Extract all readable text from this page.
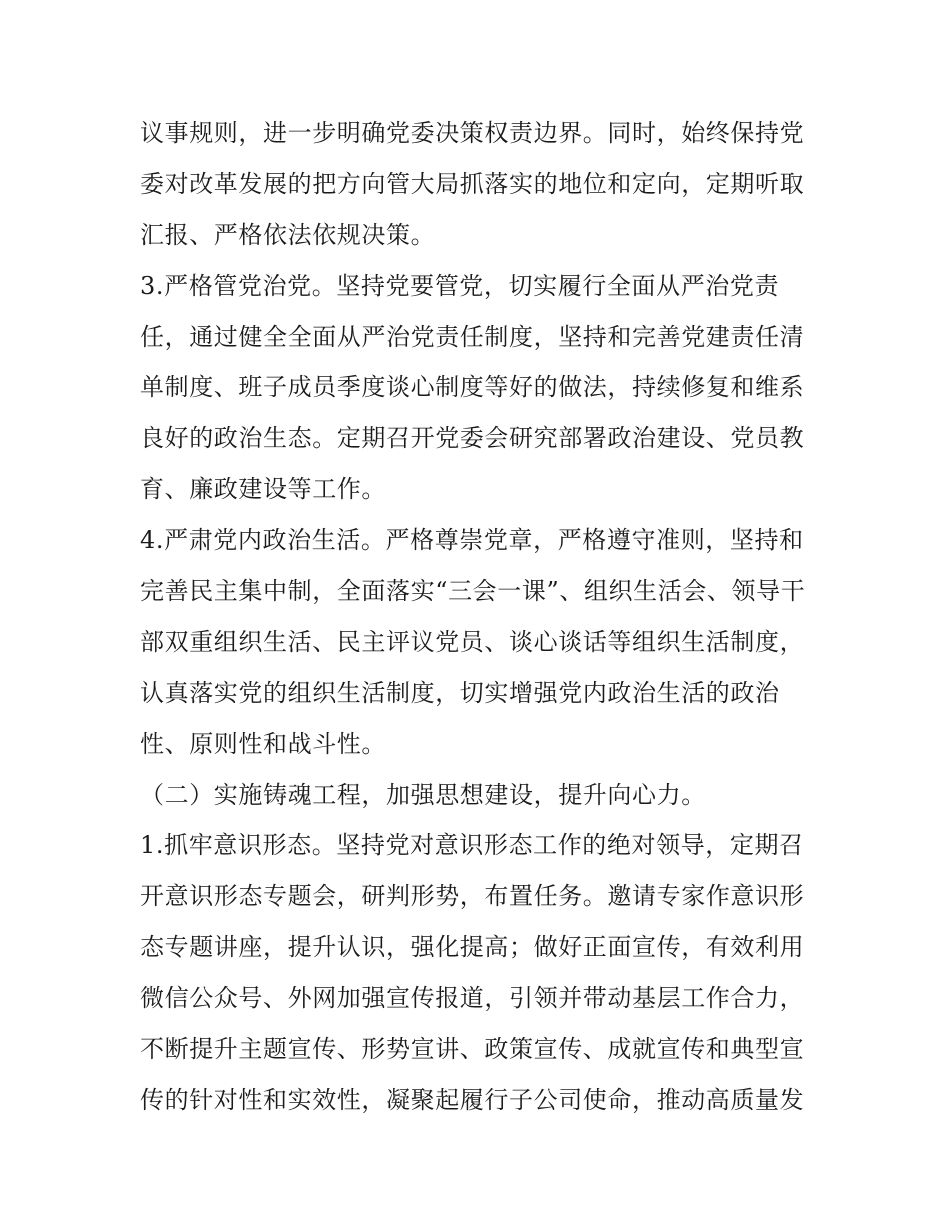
议事规则，进一步明确党委决策权责边界。同时，始终保持党
委对改革发展的把方向管大局抓落实的地位和定向，定期听取
汇报、严格依法依规决策。
3.严格管党治党。坚持党要管党，切实履行全面从严治党责
任，通过健全全面从严治党责任制度，坚持和完善党建责任清
单制度、班子成员季度谈心制度等好的做法，持续修复和维系
良好的政治生态。定期召开党委会研究部署政治建设、党员教
育、廉政建设等工作。
4.严肃党内政治生活。严格尊崇党章，严格遵守准则，坚持和
完善民主集中制，全面落实“三会一课”、组织生活会、领导干
部双重组织生活、民主评议党员、谈心谈话等组织生活制度，
认真落实党的组织生活制度，切实增强党内政治生活的政治
性、原则性和战斗性。
（二）实施铸魂工程，加强思想建设，提升向心力。
1.抓牢意识形态。坚持党对意识形态工作的绝对领导，定期召
开意识形态专题会，研判形势，布置任务。邀请专家作意识形
态专题讲座，提升认识，强化提高；做好正面宣传，有效利用
微信公众号、外网加强宣传报道，引领并带动基层工作合力，
不断提升主题宣传、形势宣讲、政策宣传、成就宣传和典型宣
传的针对性和实效性，凝聚起履行子公司使命，推动高质量发
